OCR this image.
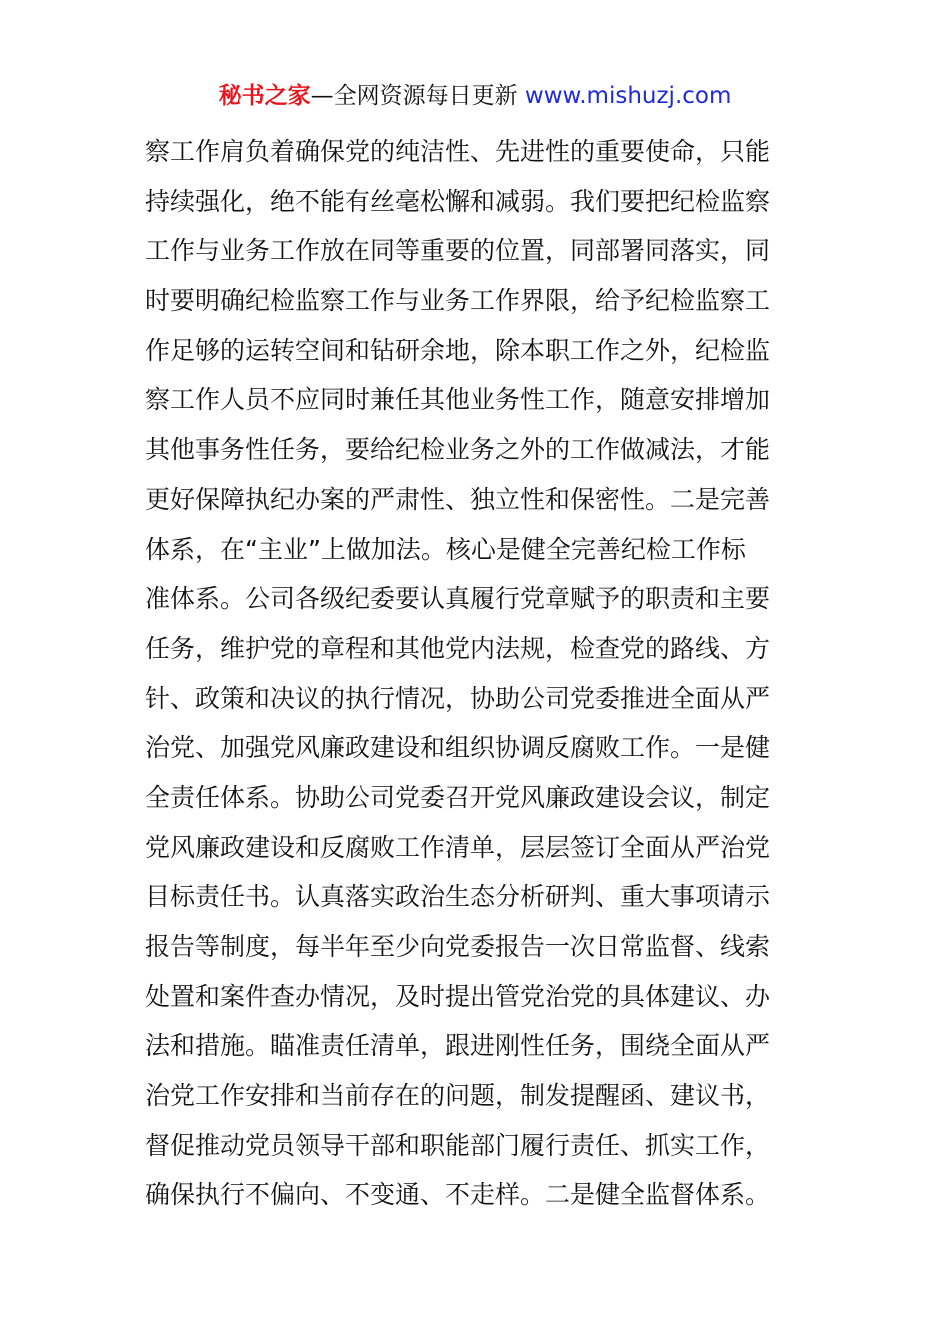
秘书之家—全网资源每日更新 www.mishuzj.com
察工作肩负着确保党的纯洁性、先进性的重要使命，只能
持续强化，绝不能有丝毫松懈和减弱。我们要把纪检监察
工作与业务工作放在同等重要的位置，同部署同落实，同
时要明确纪检监察工作与业务工作界限，给予纪检监察工
作足够的运转空间和钻研余地，除本职工作之外，纪检监
察工作人员不应同时兼任其他业务性工作，随意安排增加
其他事务性任务，要给纪检业务之外的工作做减法，才能
更好保障执纪办案的严肃性、独立性和保密性。二是完善
体系，在“主业”上做加法。核心是健全完善纪检工作标
准体系。公司各级纪委要认真履行党章赋予的职责和主要
任务，维护党的章程和其他党内法规，检查党的路线、方
针、政策和决议的执行情况，协助公司党委推进全面从严
治党、加强党风廉政建设和组织协调反腐败工作。一是健
全责任体系。协助公司党委召开党风廉政建设会议，制定
党风廉政建设和反腐败工作清单，层层签订全面从严治党
目标责任书。认真落实政治生态分析研判、重大事项请示
报告等制度，每半年至少向党委报告一次日常监督、线索
处置和案件查办情况，及时提出管党治党的具体建议、办
法和措施。瞄准责任清单，跟进刚性任务，围绕全面从严
治党工作安排和当前存在的问题，制发提醒函、建议书，
督促推动党员领导干部和职能部门履行责任、抓实工作，
确保执行不偏向、不变通、不走样。二是健全监督体系。
